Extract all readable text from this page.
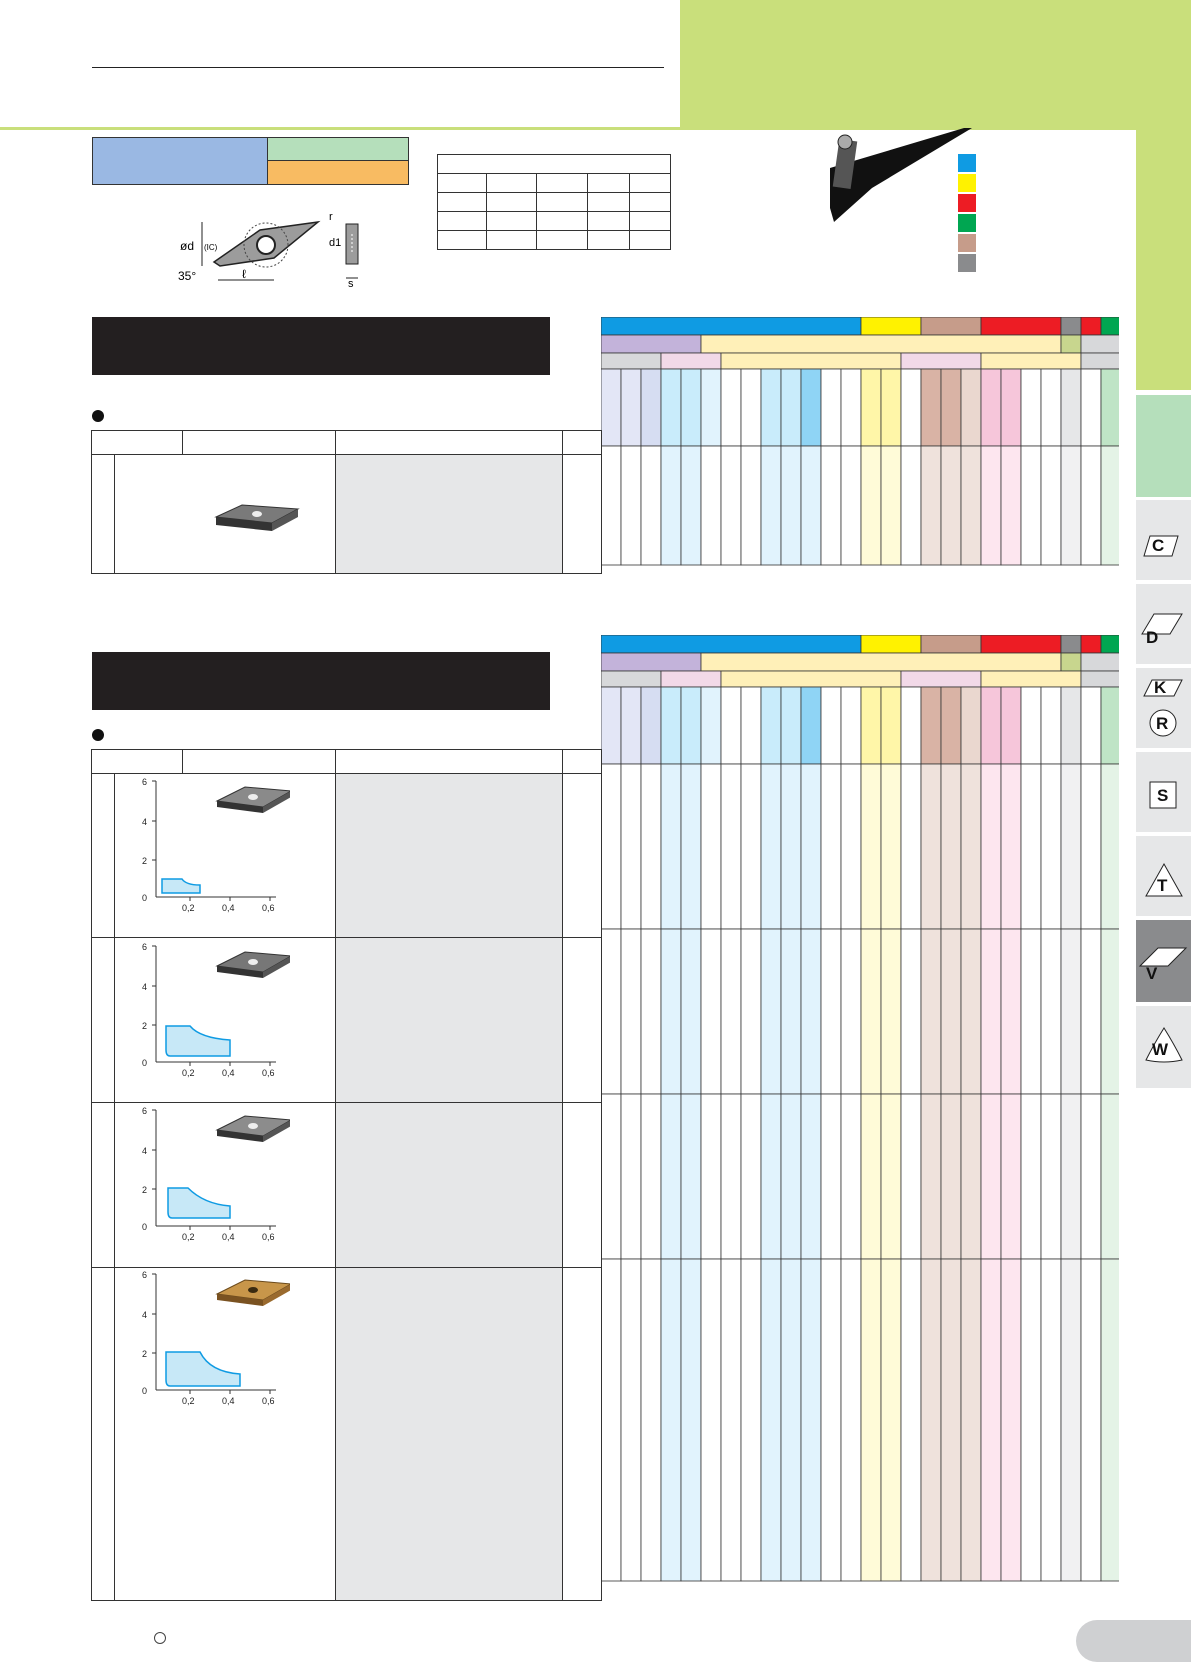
ød (IC)
35°	ℓ
r
d1
s

6
4
2
0
0,2	0,4	0,6
6
4
2
0
0,2	0,4	0,6
6
4
2
0
0,2	0,4	0,6
6
4
2
0
0,2	0,4	0,6
C
D
K
R
S
T
V
W
